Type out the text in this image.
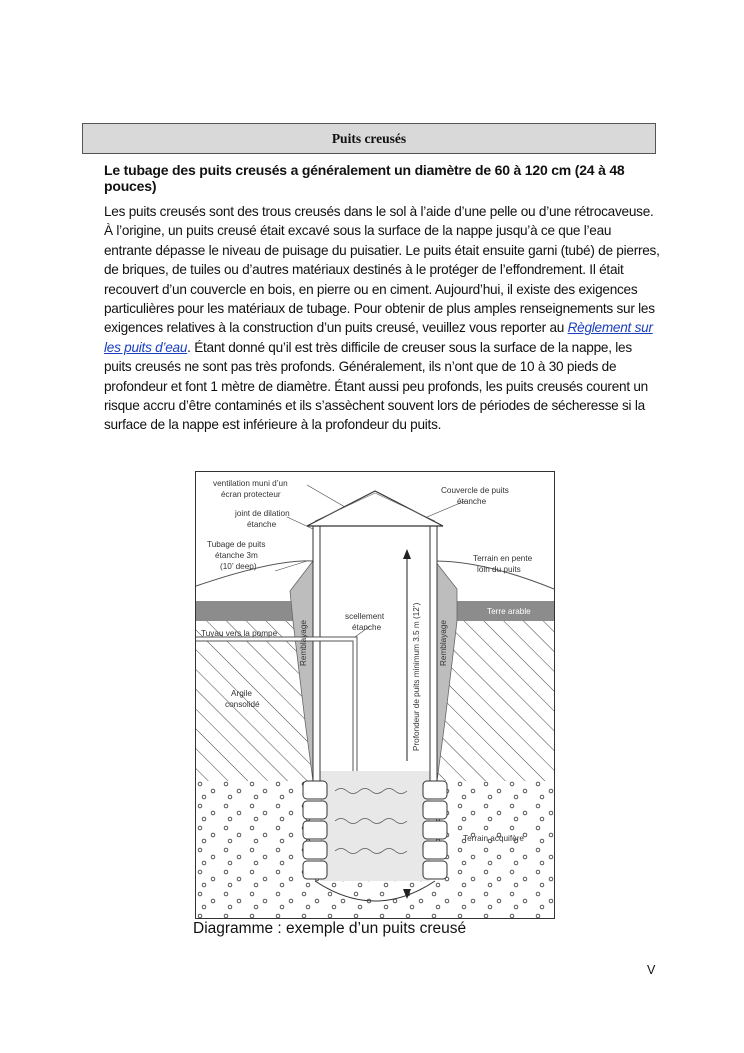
Puits creusés
Le tubage des puits creusés a généralement un diamètre de 60 à 120 cm (24 à 48 pouces)

Les puits creusés sont des trous creusés dans le sol à l’aide d’une pelle ou d’une rétrocaveuse. À l’origine, un puits creusé était excavé sous la surface de la nappe jusqu’à ce que l’eau entrante dépasse le niveau de puisage du puisatier. Le puits était ensuite garni (tubé) de pierres, de briques, de tuiles ou d’autres matériaux destinés à le protéger de l’effondrement. Il était recouvert d’un couvercle en bois, en pierre ou en ciment. Aujourd’hui, il existe des exigences particulières pour les matériaux de tubage. Pour obtenir de plus amples renseignements sur les exigences relatives à la construction d’un puits creusé, veuillez vous reporter au Règlement sur les puits d’eau. Étant donné qu’il est très difficile de creuser sous la surface de la nappe, les puits creusés ne sont pas très profonds. Généralement, ils n’ont que de 10 à 30 pieds de profondeur et font 1 mètre de diamètre. Étant aussi peu profonds, les puits creusés courent un risque accru d’être contaminés et ils s’assèchent souvent lors de périodes de sécheresse si la surface de la nappe est inférieure à la profondeur du puits.

ventilation muni d’un
écran protecteur
joint de dilation
étanche
Tubage de puits
étanche 3m
(10’ deep)
Couvercle de puits
étanche
Terrain en pente
loin du puits
Terre arable
Tuyau vers la pompe
scellement
étanche
Remblayage	Remblayage
Profondeur de puits minimum 3.5 m (12’)
Argile
consolidé
Terrain acquifère
Diagramme : exemple d’un puits creusé
V
